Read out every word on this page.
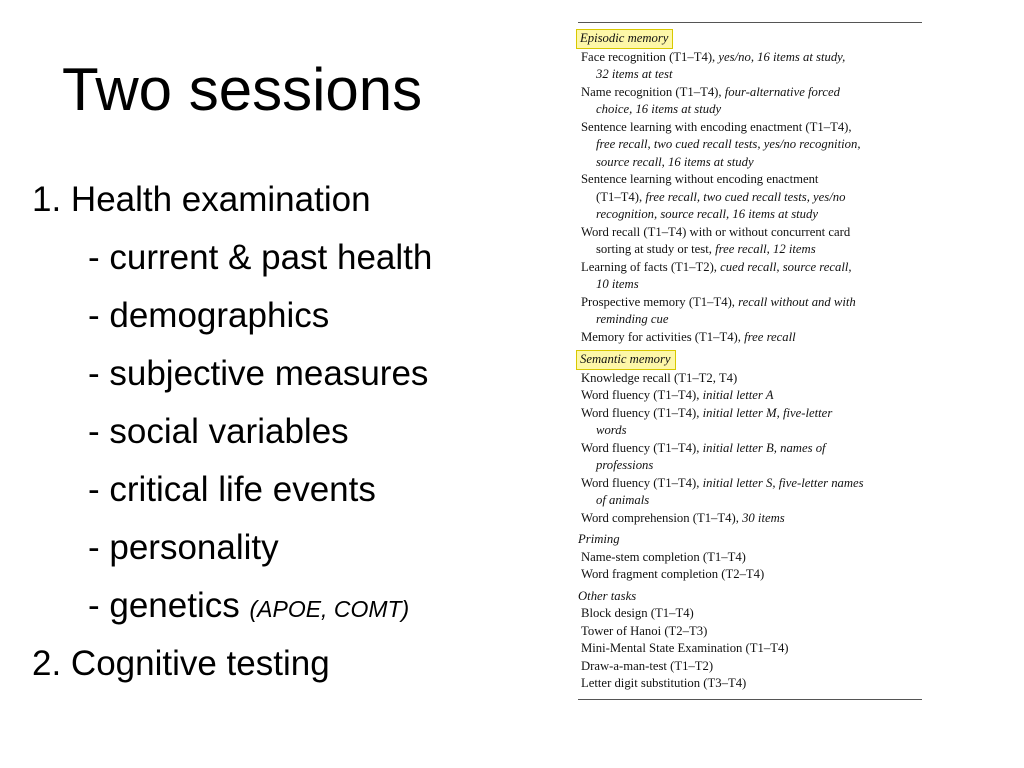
Two sessions
1. Health examination
- current & past health
- demographics
- subjective measures
- social variables
- critical life events
- personality
- genetics (APOE, COMT)
2. Cognitive testing
Episodic memory

Face recognition (T1–T4), yes/no, 16 items at study,
32 items at test

Name recognition (T1–T4), four-alternative forced
choice, 16 items at study

Sentence learning with encoding enactment (T1–T4),
free recall, two cued recall tests, yes/no recognition,
source recall, 16 items at study

Sentence learning without encoding enactment
(T1–T4), free recall, two cued recall tests, yes/no
recognition, source recall, 16 items at study

Word recall (T1–T4) with or without concurrent card
sorting at study or test, free recall, 12 items

Learning of facts (T1–T2), cued recall, source recall,
10 items

Prospective memory (T1–T4), recall without and with
reminding cue

Memory for activities (T1–T4), free recall

Semantic memory

Knowledge recall (T1–T2, T4)

Word fluency (T1–T4), initial letter A

Word fluency (T1–T4), initial letter M, five-letter
words

Word fluency (T1–T4), initial letter B, names of
professions

Word fluency (T1–T4), initial letter S, five-letter names
of animals

Word comprehension (T1–T4), 30 items

Priming

Name-stem completion (T1–T4)

Word fragment completion (T2–T4)

Other tasks

Block design (T1–T4)

Tower of Hanoi (T2–T3)

Mini-Mental State Examination (T1–T4)

Draw-a-man-test (T1–T2)

Letter digit substitution (T3–T4)
